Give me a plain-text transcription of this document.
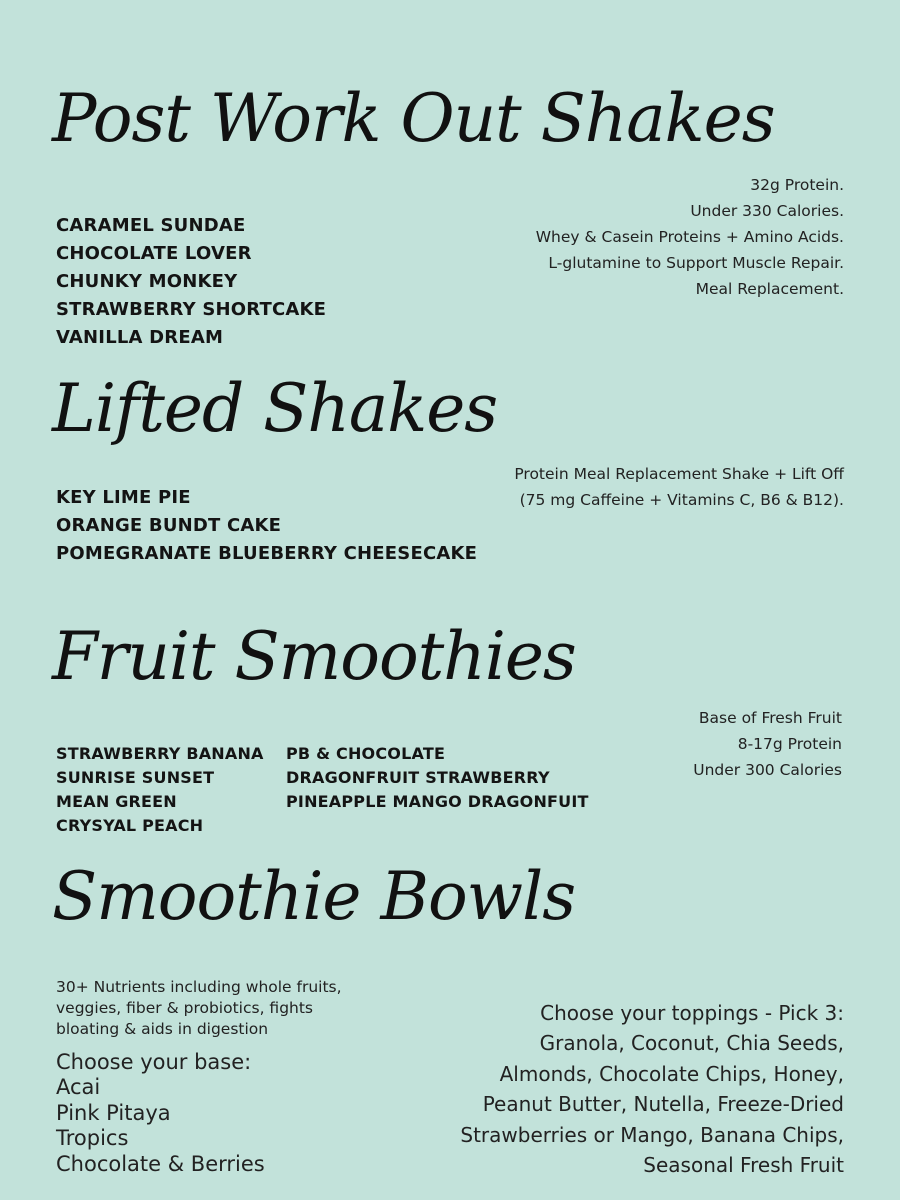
Post Work Out Shakes
CARAMEL SUNDAE
CHOCOLATE LOVER
CHUNKY MONKEY
STRAWBERRY SHORTCAKE
VANILLA DREAM
32g Protein.
Under 330 Calories.
Whey & Casein Proteins + Amino Acids.
L-glutamine to Support Muscle Repair.
Meal Replacement.
Lifted Shakes
KEY LIME PIE
ORANGE BUNDT CAKE
POMEGRANATE BLUEBERRY CHEESECAKE
Protein Meal Replacement Shake + Lift Off
(75 mg Caffeine + Vitamins C, B6 & B12).
Fruit Smoothies
STRAWBERRY BANANA
SUNRISE SUNSET
MEAN GREEN
CRYSYAL PEACH
PB & CHOCOLATE
DRAGONFRUIT STRAWBERRY
PINEAPPLE MANGO DRAGONFUIT
Base of Fresh Fruit
8-17g Protein
Under 300 Calories
Smoothie Bowls
30+ Nutrients including whole fruits,
veggies, fiber & probiotics, fights
bloating & aids in digestion
Choose your base:
Acai
Pink Pitaya
Tropics
Chocolate & Berries
Choose your toppings - Pick 3:
Granola, Coconut, Chia Seeds,
Almonds, Chocolate Chips, Honey,
Peanut Butter, Nutella, Freeze-Dried
Strawberries or Mango, Banana Chips,
Seasonal Fresh Fruit
